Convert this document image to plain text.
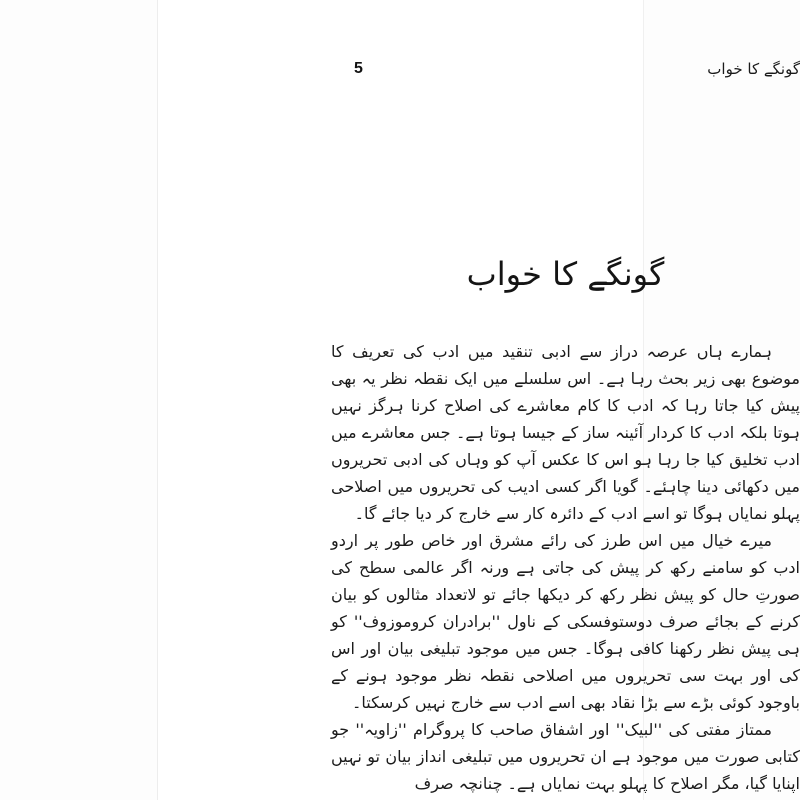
5	گونگے کا خواب
گونگے کا خواب

ہمارے ہاں عرصہ دراز سے ادبی تنقید میں ادب کی تعریف کا موضوع بھی زیر بحث رہا ہے۔ اس سلسلے میں ایک نقطہ نظر یہ بھی پیش کیا جاتا رہا کہ ادب کا کام معاشرے کی اصلاح کرنا ہرگز نہیں ہوتا بلکہ ادب کا کردار آئینہ ساز کے جیسا ہوتا ہے۔ جس معاشرے میں ادب تخلیق کیا جا رہا ہو اس کا عکس آپ کو وہاں کی ادبی تحریروں میں دکھائی دینا چاہئے۔ گویا اگر کسی ادیب کی تحریروں میں اصلاحی پہلو نمایاں ہوگا تو اسے ادب کے دائرہ کار سے خارج کر دیا جائے گا۔

میرے خیال میں اس طرز کی رائے مشرق اور خاص طور پر اردو ادب کو سامنے رکھ کر پیش کی جاتی ہے ورنہ اگر عالمی سطح کی صورتِ حال کو پیش نظر رکھ کر دیکھا جائے تو لاتعداد مثالوں کو بیان کرنے کے بجائے صرف دوستوفسکی کے ناول ''برادران کروموزوف'' کو ہی پیش نظر رکھنا کافی ہوگا۔ جس میں موجود تبلیغی بیان اور اس کی اور بہت سی تحریروں میں اصلاحی نقطہ نظر موجود ہونے کے باوجود کوئی بڑے سے بڑا نقاد بھی اسے ادب سے خارج نہیں کرسکتا۔

ممتاز مفتی کی ''لبیک'' اور اشفاق صاحب کا پروگرام ''زاویہ'' جو کتابی صورت میں موجود ہے ان تحریروں میں تبلیغی انداز بیان تو نہیں اپنایا گیا، مگر اصلاح کا پہلو بہت نمایاں ہے۔ چنانچہ صرف
